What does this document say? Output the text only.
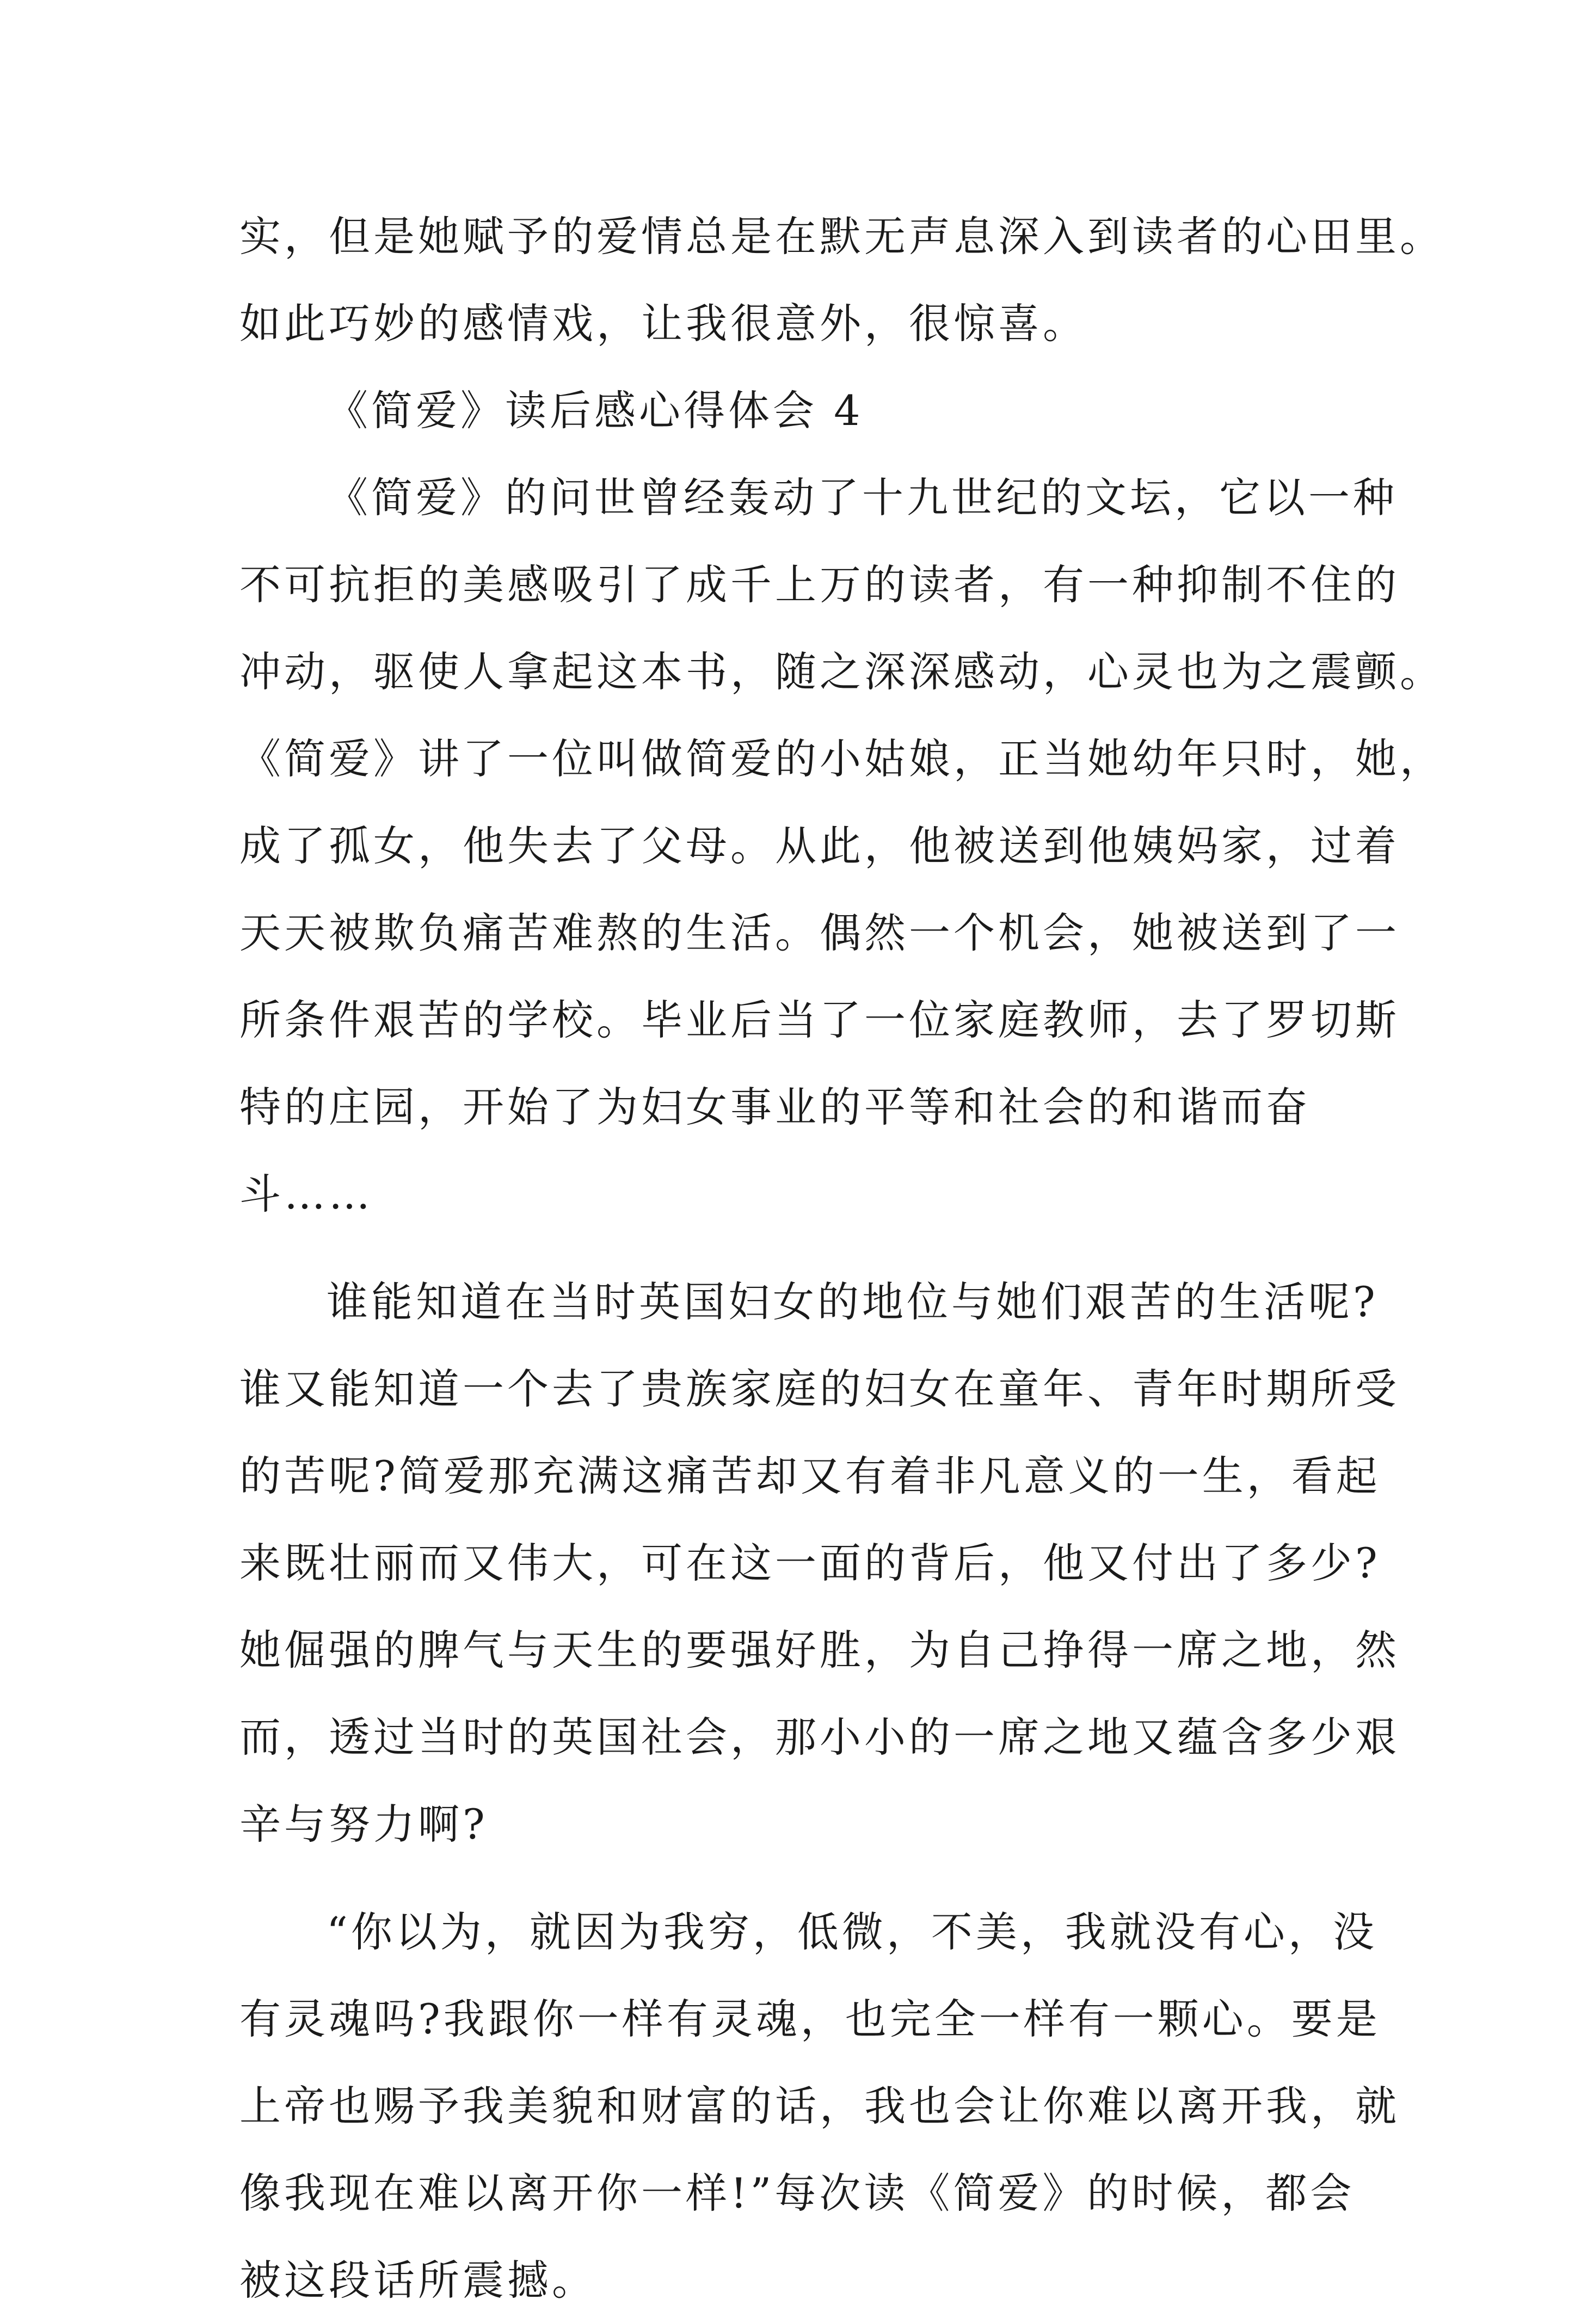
实，但是她赋予的爱情总是在默无声息深入到读者的心田里。
如此巧妙的感情戏，让我很意外，很惊喜。
《简爱》读后感心得体会 4
《简爱》的问世曾经轰动了十九世纪的文坛，它以一种
不可抗拒的美感吸引了成千上万的读者，有一种抑制不住的
冲动，驱使人拿起这本书，随之深深感动，心灵也为之震颤。
《简爱》讲了一位叫做简爱的小姑娘，正当她幼年只时，她，
成了孤女，他失去了父母。从此，他被送到他姨妈家，过着
天天被欺负痛苦难熬的生活。偶然一个机会，她被送到了一
所条件艰苦的学校。毕业后当了一位家庭教师，去了罗切斯
特的庄园，开始了为妇女事业的平等和社会的和谐而奋
斗……
谁能知道在当时英国妇女的地位与她们艰苦的生活呢?
谁又能知道一个去了贵族家庭的妇女在童年、青年时期所受
的苦呢?简爱那充满这痛苦却又有着非凡意义的一生，看起
来既壮丽而又伟大，可在这一面的背后，他又付出了多少?
她倔强的脾气与天生的要强好胜，为自己挣得一席之地，然
而，透过当时的英国社会，那小小的一席之地又蕴含多少艰
辛与努力啊?
“你以为，就因为我穷，低微，不美，我就没有心，没
有灵魂吗?我跟你一样有灵魂，也完全一样有一颗心。要是
上帝也赐予我美貌和财富的话，我也会让你难以离开我，就
像我现在难以离开你一样!”每次读《简爱》的时候，都会
被这段话所震撼。
